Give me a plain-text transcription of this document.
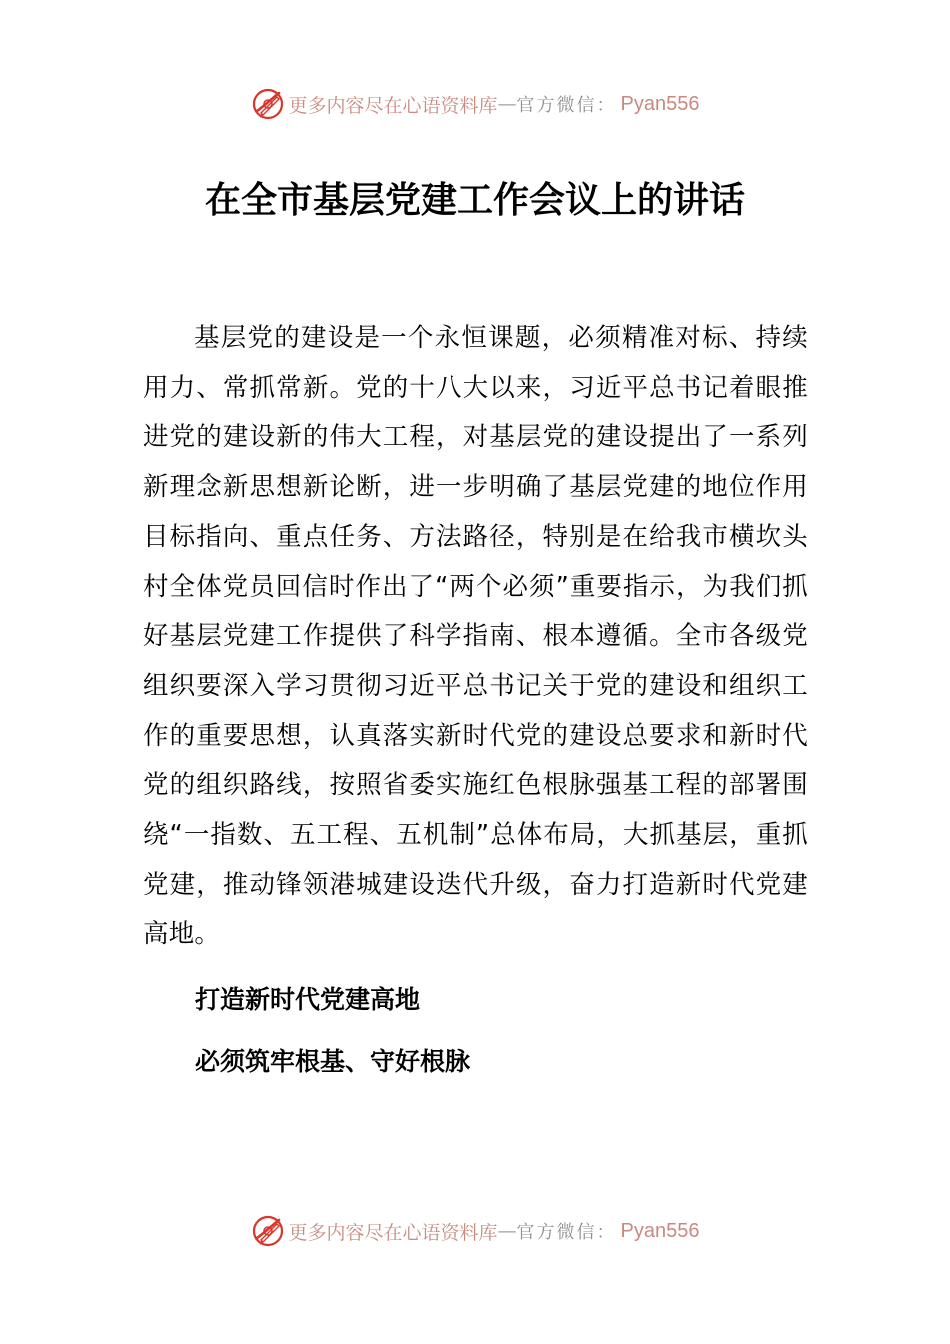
更多内容尽在心语资料库 — 官方微信： Pyan556
在全市基层党建工作会议上的讲话

基层党的建设是一个永恒课题，必须精准对标、持续用力、常抓常新。党的十八大以来，习近平总书记着眼推进党的建设新的伟大工程，对基层党的建设提出了一系列新理念新思想新论断，进一步明确了基层党建的地位作用目标指向、重点任务、方法路径，特别是在给我市横坎头村全体党员回信时作出了“两个必须”重要指示，为我们抓好基层党建工作提供了科学指南、根本遵循。全市各级党组织要深入学习贯彻习近平总书记关于党的建设和组织工作的重要思想，认真落实新时代党的建设总要求和新时代党的组织路线，按照省委实施红色根脉强基工程的部署围绕“一指数、五工程、五机制”总体布局，大抓基层，重抓党建，推动锋领港城建设迭代升级，奋力打造新时代党建高地。

打造新时代党建高地

必须筑牢根基、守好根脉

更多内容尽在心语资料库 — 官方微信： Pyan556
